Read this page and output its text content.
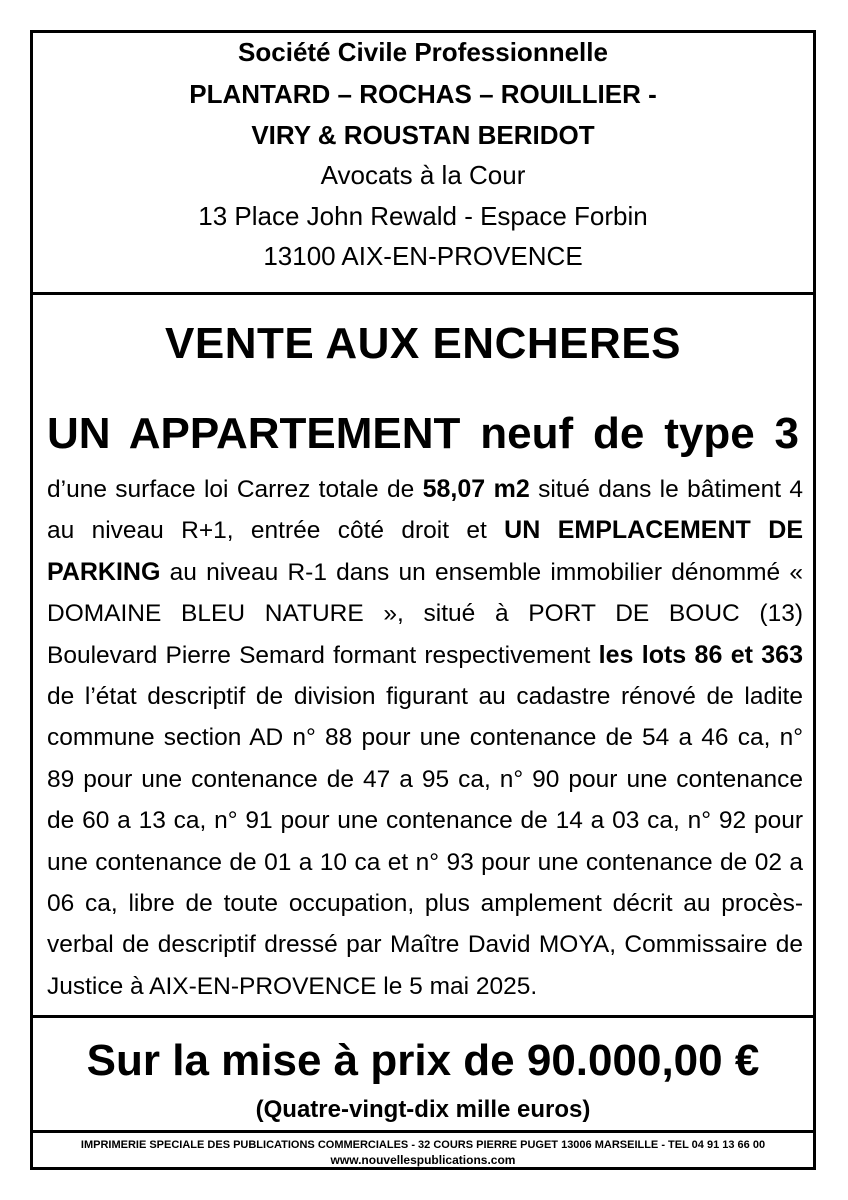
Société Civile Professionnelle
PLANTARD – ROCHAS – ROUILLIER -
VIRY & ROUSTAN BERIDOT
Avocats à la Cour
13 Place John Rewald - Espace Forbin
13100 AIX-EN-PROVENCE
VENTE AUX ENCHERES
UN APPARTEMENT neuf de type 3
d’une surface loi Carrez totale de 58,07 m2 situé dans le bâtiment 4 au niveau R+1, entrée côté droit et UN EMPLACEMENT DE PARKING au niveau R-1 dans un ensemble immobilier dénommé « DOMAINE BLEU NATURE », situé à PORT DE BOUC (13) Boulevard Pierre Semard formant respectivement les lots 86 et 363 de l’état descriptif de division figurant au cadastre rénové de ladite commune section AD n° 88 pour une contenance de 54 a 46 ca, n° 89 pour une contenance de 47 a 95 ca, n° 90 pour une contenance de 60 a 13 ca, n° 91 pour une contenance de 14 a 03 ca, n° 92 pour une contenance de 01 a 10 ca et n° 93 pour une contenance de 02 a 06 ca, libre de toute occupation, plus amplement décrit au procès-verbal de descriptif dressé par Maître David MOYA, Commissaire de Justice à AIX-EN-PROVENCE le 5 mai 2025.
Sur la mise à prix de 90.000,00 €
(Quatre-vingt-dix mille euros)
IMPRIMERIE SPECIALE DES PUBLICATIONS COMMERCIALES - 32 COURS PIERRE PUGET 13006 MARSEILLE - TEL 04 91 13 66 00
www.nouvellespublications.com
